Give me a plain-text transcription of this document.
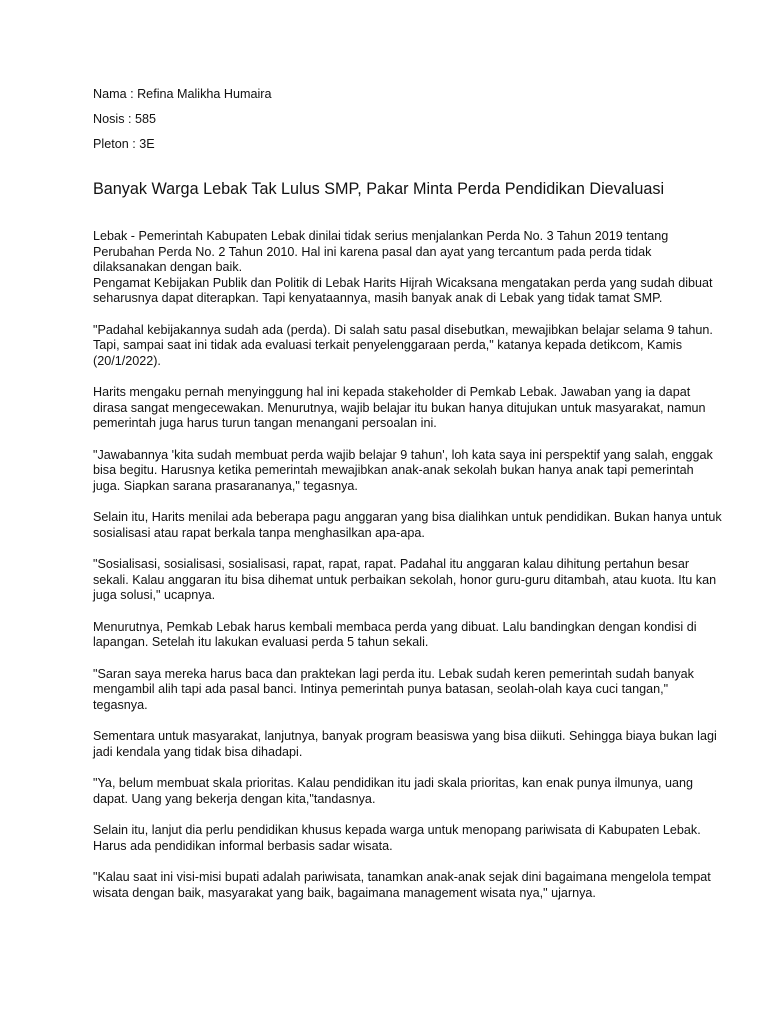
Nama : Refina Malikha Humaira
Nosis : 585
Pleton : 3E
Banyak Warga Lebak Tak Lulus SMP, Pakar Minta Perda Pendidikan Dievaluasi
Lebak - Pemerintah Kabupaten Lebak dinilai tidak serius menjalankan Perda No. 3 Tahun 2019 tentang
Perubahan Perda No. 2 Tahun 2010. Hal ini karena pasal dan ayat yang tercantum pada perda tidak
dilaksanakan dengan baik.
Pengamat Kebijakan Publik dan Politik di Lebak Harits Hijrah Wicaksana mengatakan perda yang sudah dibuat
seharusnya dapat diterapkan. Tapi kenyataannya, masih banyak anak di Lebak yang tidak tamat SMP.
"Padahal kebijakannya sudah ada (perda). Di salah satu pasal disebutkan, mewajibkan belajar selama 9 tahun.
Tapi, sampai saat ini tidak ada evaluasi terkait penyelenggaraan perda," katanya kepada detikcom, Kamis
(20/1/2022).
Harits mengaku pernah menyinggung hal ini kepada stakeholder di Pemkab Lebak. Jawaban yang ia dapat
dirasa sangat mengecewakan. Menurutnya, wajib belajar itu bukan hanya ditujukan untuk masyarakat, namun
pemerintah juga harus turun tangan menangani persoalan ini.
"Jawabannya 'kita sudah membuat perda wajib belajar 9 tahun', loh kata saya ini perspektif yang salah, enggak
bisa begitu. Harusnya ketika pemerintah mewajibkan anak-anak sekolah bukan hanya anak tapi pemerintah
juga. Siapkan sarana prasarananya," tegasnya.
Selain itu, Harits menilai ada beberapa pagu anggaran yang bisa dialihkan untuk pendidikan. Bukan hanya untuk
sosialisasi atau rapat berkala tanpa menghasilkan apa-apa.
"Sosialisasi, sosialisasi, sosialisasi, rapat, rapat, rapat. Padahal itu anggaran kalau dihitung pertahun besar
sekali. Kalau anggaran itu bisa dihemat untuk perbaikan sekolah, honor guru-guru ditambah, atau kuota. Itu kan
juga solusi," ucapnya.
Menurutnya, Pemkab Lebak harus kembali membaca perda yang dibuat. Lalu bandingkan dengan kondisi di
lapangan. Setelah itu lakukan evaluasi perda 5 tahun sekali.
"Saran saya mereka harus baca dan praktekan lagi perda itu. Lebak sudah keren pemerintah sudah banyak
mengambil alih tapi ada pasal banci. Intinya pemerintah punya batasan, seolah-olah kaya cuci tangan,"
tegasnya.
Sementara untuk masyarakat, lanjutnya, banyak program beasiswa yang bisa diikuti. Sehingga biaya bukan lagi
jadi kendala yang tidak bisa dihadapi.
"Ya, belum membuat skala prioritas. Kalau pendidikan itu jadi skala prioritas, kan enak punya ilmunya, uang
dapat. Uang yang bekerja dengan kita,"tandasnya.
Selain itu, lanjut dia perlu pendidikan khusus kepada warga untuk menopang pariwisata di Kabupaten Lebak.
Harus ada pendidikan informal berbasis sadar wisata.
"Kalau saat ini visi-misi bupati adalah pariwisata, tanamkan anak-anak sejak dini bagaimana mengelola tempat
wisata dengan baik, masyarakat yang baik, bagaimana management wisata nya," ujarnya.
